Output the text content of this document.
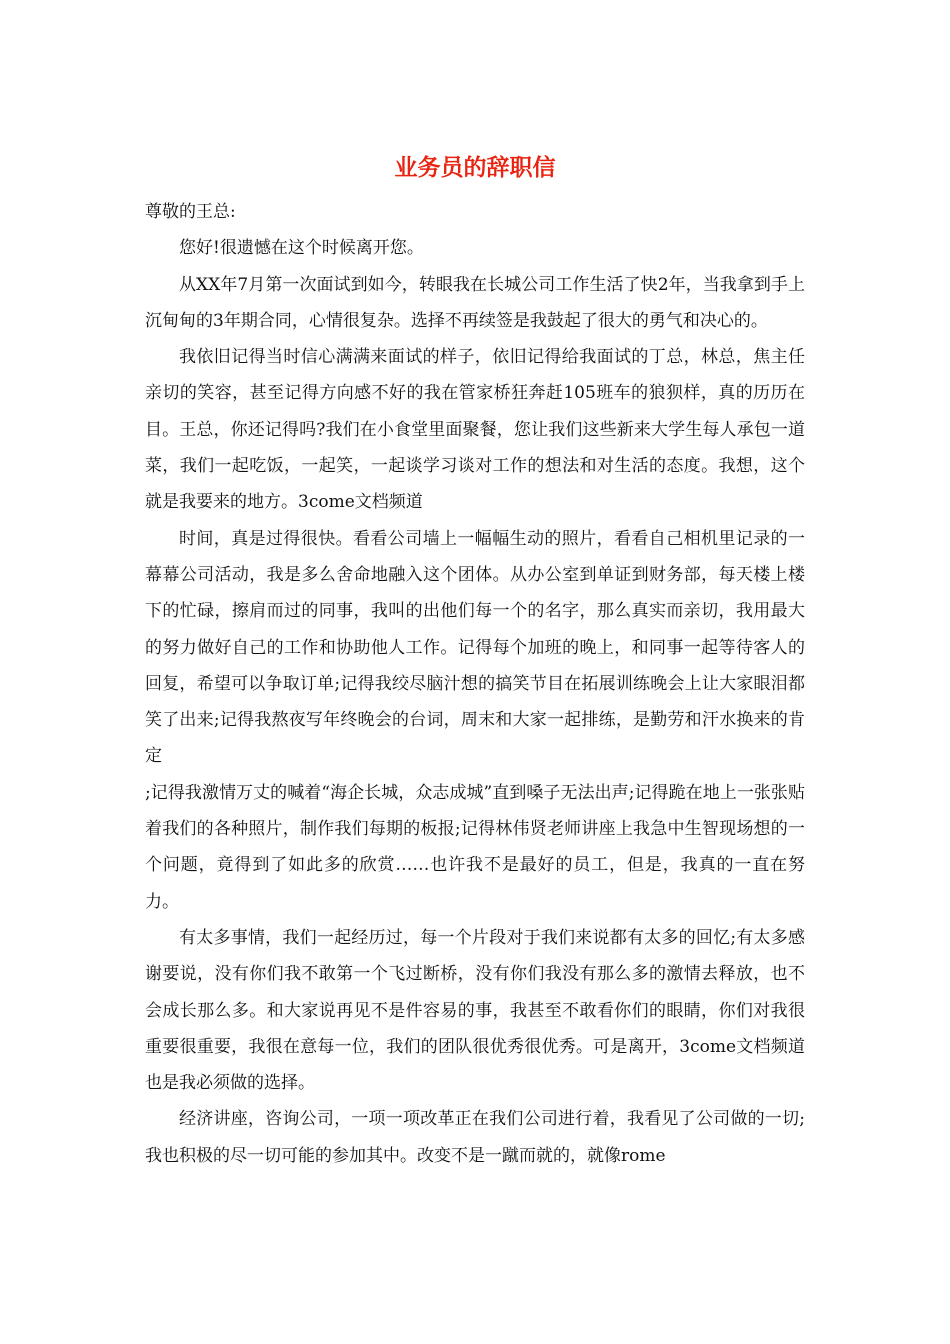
业务员的辞职信

尊敬的王总:

您好!很遗憾在这个时候离开您。

从XX年7月第一次面试到如今，转眼我在长城公司工作生活了快2年，当我拿到手上沉甸甸的3年期合同，心情很复杂。选择不再续签是我鼓起了很大的勇气和决心的。

我依旧记得当时信心满满来面试的样子，依旧记得给我面试的丁总，林总，焦主任亲切的笑容，甚至记得方向感不好的我在管家桥狂奔赶105班车的狼狈样，真的历历在目。王总，你还记得吗?我们在小食堂里面聚餐，您让我们这些新来大学生每人承包一道菜，我们一起吃饭，一起笑，一起谈学习谈对工作的想法和对生活的态度。我想，这个就是我要来的地方。3come文档频道

时间，真是过得很快。看看公司墙上一幅幅生动的照片，看看自己相机里记录的一幕幕公司活动，我是多么舍命地融入这个团体。从办公室到单证到财务部，每天楼上楼下的忙碌，擦肩而过的同事，我叫的出他们每一个的名字，那么真实而亲切，我用最大的努力做好自己的工作和协助他人工作。记得每个加班的晚上，和同事一起等待客人的回复，希望可以争取订单;记得我绞尽脑汁想的搞笑节目在拓展训练晚会上让大家眼泪都笑了出来;记得我熬夜写年终晚会的台词，周末和大家一起排练，是勤劳和汗水换来的肯定

;记得我激情万丈的喊着“海企长城，众志成城”直到嗓子无法出声;记得跪在地上一张张贴着我们的各种照片，制作我们每期的板报;记得林伟贤老师讲座上我急中生智现场想的一个问题，竟得到了如此多的欣赏……也许我不是最好的员工，但是，我真的一直在努力。

有太多事情，我们一起经历过，每一个片段对于我们来说都有太多的回忆;有太多感谢要说，没有你们我不敢第一个飞过断桥，没有你们我没有那么多的激情去释放，也不会成长那么多。和大家说再见不是件容易的事，我甚至不敢看你们的眼睛，你们对我很重要很重要，我很在意每一位，我们的团队很优秀很优秀。可是离开，3come文档频道也是我必须做的选择。

经济讲座，咨询公司，一项一项改革正在我们公司进行着，我看见了公司做的一切;我也积极的尽一切可能的参加其中。改变不是一蹴而就的，就像rome
